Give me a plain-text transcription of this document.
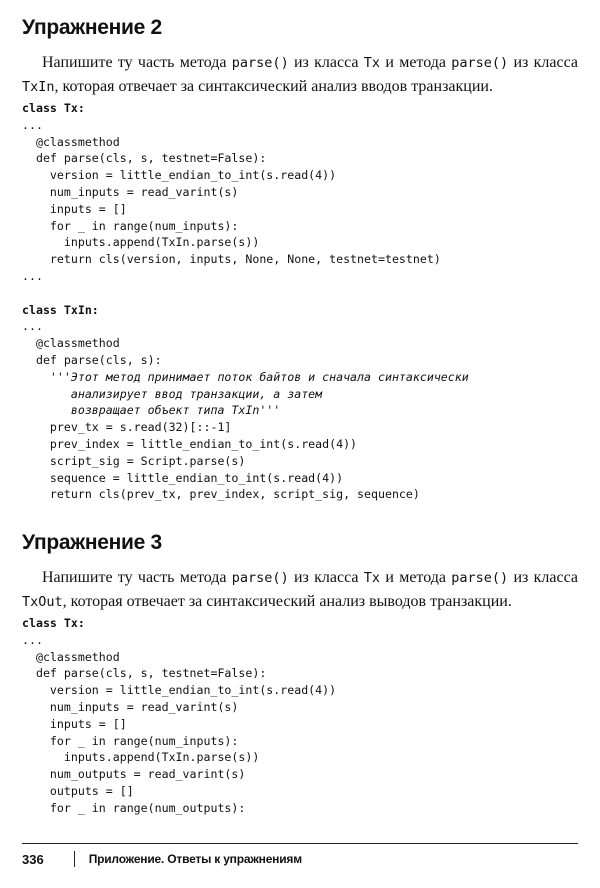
Упражнение 2

Напишите ту часть метода parse() из класса Tx и метода parse() из класса TxIn, которая отвечает за синтаксический анализ вводов транзакции.

class Tx:
...
@classmethod
def parse(cls, s, testnet=False):
version = little_endian_to_int(s.read(4))
num_inputs = read_varint(s)
inputs = []
for _ in range(num_inputs):
inputs.append(TxIn.parse(s))
return cls(version, inputs, None, None, testnet=testnet)
...
class TxIn:
...
@classmethod
def parse(cls, s):
'''Этот метод принимает поток байтов и сначала синтаксически
анализирует ввод транзакции, а затем
возвращает объект типа TxIn'''
prev_tx = s.read(32)[::-1]
prev_index = little_endian_to_int(s.read(4))
script_sig = Script.parse(s)
sequence = little_endian_to_int(s.read(4))
return cls(prev_tx, prev_index, script_sig, sequence)
Упражнение 3

Напишите ту часть метода parse() из класса Tx и метода parse() из класса TxOut, которая отвечает за синтаксический анализ выводов транзакции.

class Tx:
...
@classmethod
def parse(cls, s, testnet=False):
version = little_endian_to_int(s.read(4))
num_inputs = read_varint(s)
inputs = []
for _ in range(num_inputs):
inputs.append(TxIn.parse(s))
num_outputs = read_varint(s)
outputs = []
for _ in range(num_outputs):
336	Приложение. Ответы к упражнениям
